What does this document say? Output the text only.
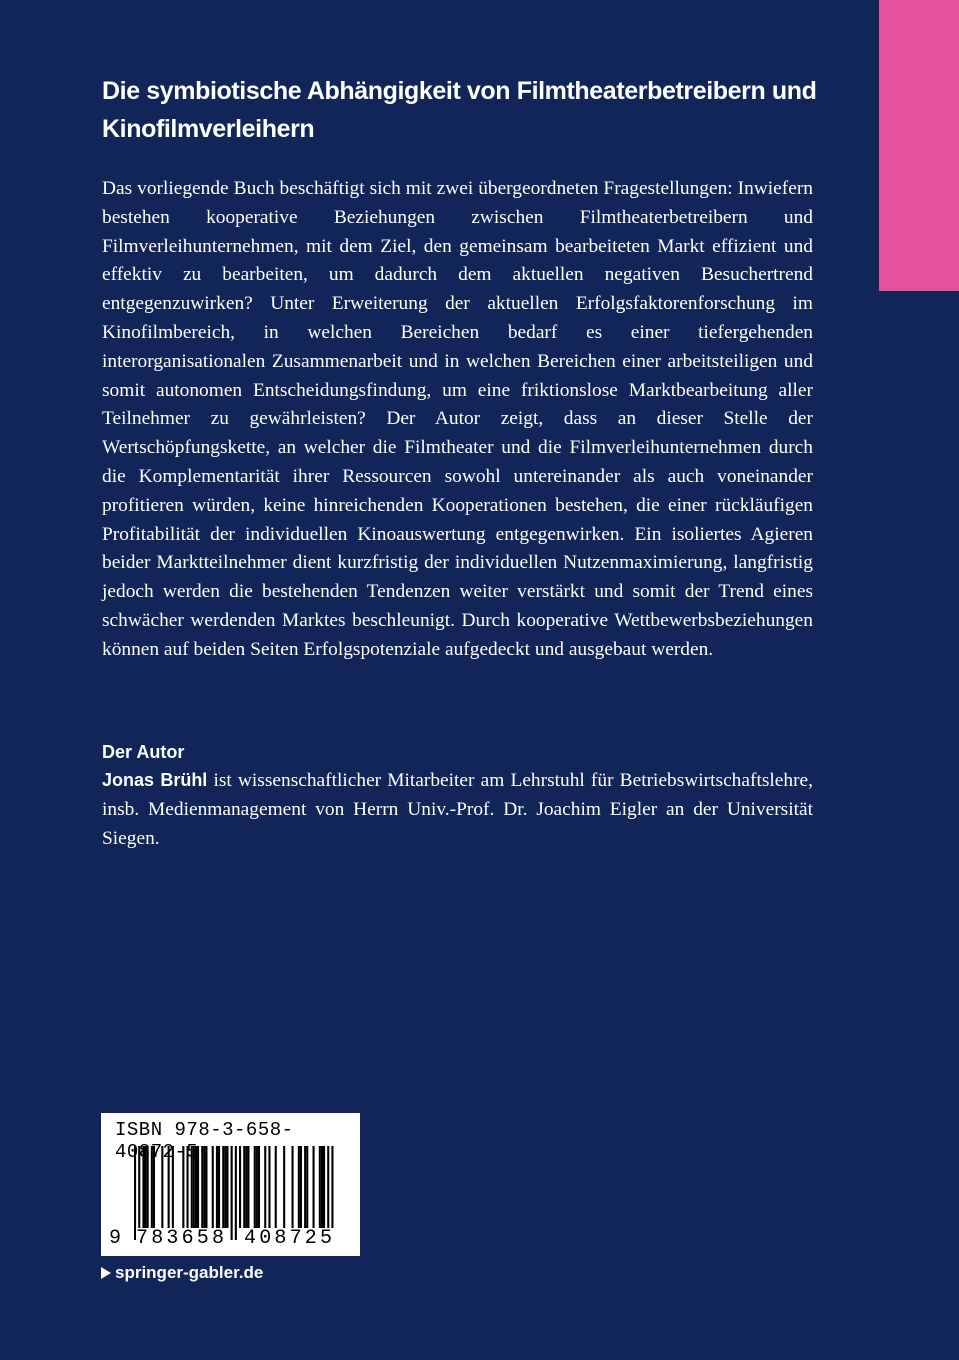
Die symbiotische Abhängigkeit von Filmtheaterbetreibern und Kinofilmverleihern

Das vorliegende Buch beschäftigt sich mit zwei übergeordneten Fragestellungen: Inwiefern bestehen kooperative Beziehungen zwischen Filmtheaterbetreibern und Filmverleihunternehmen, mit dem Ziel, den gemeinsam bearbeiteten Markt effizient und effektiv zu bearbeiten, um dadurch dem aktuellen negativen Besuchertrend entgegenzuwirken? Unter Erweiterung der aktuellen Erfolgsfaktorenforschung im Kinofilmbereich, in welchen Bereichen bedarf es einer tiefergehenden interorganisationalen Zusammenarbeit und in welchen Bereichen einer arbeitsteiligen und somit autonomen Entscheidungsfindung, um eine friktionslose Marktbearbeitung aller Teilnehmer zu gewährleisten? Der Autor zeigt, dass an dieser Stelle der Wertschöpfungskette, an welcher die Filmtheater und die Filmverleihunternehmen durch die Komplementarität ihrer Ressourcen sowohl untereinander als auch voneinander profitieren würden, keine hinreichenden Kooperationen bestehen, die einer rückläufigen Profitabilität der individuellen Kinoauswertung entgegenwirken. Ein isoliertes Agieren beider Marktteilnehmer dient kurzfristig der individuellen Nutzenmaximierung, langfristig jedoch werden die bestehenden Tendenzen weiter verstärkt und somit der Trend eines schwächer werdenden Marktes beschleunigt. Durch kooperative Wettbewerbsbeziehungen können auf beiden Seiten Erfolgspotenziale aufgedeckt und ausgebaut werden.

Der Autor

Jonas Brühl ist wissenschaftlicher Mitarbeiter am Lehrstuhl für Betriebswirtschaftslehre, insb. Medienmanagement von Herrn Univ.-Prof. Dr. Joachim Eigler an der Universität Siegen.

ISBN 978-3-658-40872-5
9 783658 408725
springer-gabler.de
